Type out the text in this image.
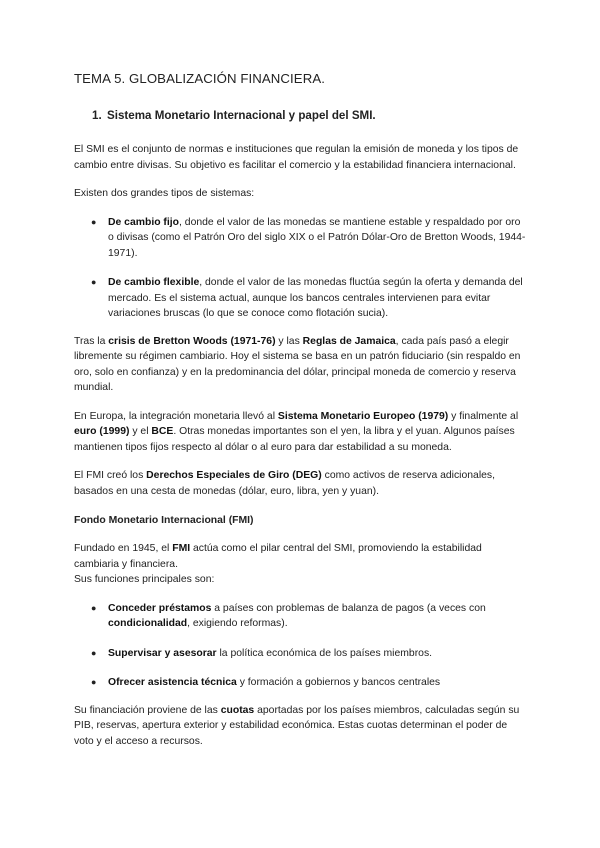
TEMA 5. GLOBALIZACIÓN FINANCIERA.
1. Sistema Monetario Internacional y papel del SMI.

El SMI es el conjunto de normas e instituciones que regulan la emisión de moneda y los tipos de cambio entre divisas. Su objetivo es facilitar el comercio y la estabilidad financiera internacional.

Existen dos grandes tipos de sistemas:

● De cambio fijo, donde el valor de las monedas se mantiene estable y respaldado por oro o divisas (como el Patrón Oro del siglo XIX o el Patrón Dólar-Oro de Bretton Woods, 1944-1971).
● De cambio flexible, donde el valor de las monedas fluctúa según la oferta y demanda del mercado. Es el sistema actual, aunque los bancos centrales intervienen para evitar variaciones bruscas (lo que se conoce como flotación sucia).

Tras la crisis de Bretton Woods (1971-76) y las Reglas de Jamaica, cada país pasó a elegir libremente su régimen cambiario. Hoy el sistema se basa en un patrón fiduciario (sin respaldo en oro, solo en confianza) y en la predominancia del dólar, principal moneda de comercio y reserva mundial.

En Europa, la integración monetaria llevó al Sistema Monetario Europeo (1979) y finalmente al euro (1999) y el BCE. Otras monedas importantes son el yen, la libra y el yuan. Algunos países mantienen tipos fijos respecto al dólar o al euro para dar estabilidad a su moneda.

El FMI creó los Derechos Especiales de Giro (DEG) como activos de reserva adicionales, basados en una cesta de monedas (dólar, euro, libra, yen y yuan).

Fondo Monetario Internacional (FMI)

Fundado en 1945, el FMI actúa como el pilar central del SMI, promoviendo la estabilidad cambiaria y financiera.
Sus funciones principales son:

● Conceder préstamos a países con problemas de balanza de pagos (a veces con condicionalidad, exigiendo reformas).
● Supervisar y asesorar la política económica de los países miembros.
● Ofrecer asistencia técnica y formación a gobiernos y bancos centrales

Su financiación proviene de las cuotas aportadas por los países miembros, calculadas según su PIB, reservas, apertura exterior y estabilidad económica. Estas cuotas determinan el poder de voto y el acceso a recursos.
